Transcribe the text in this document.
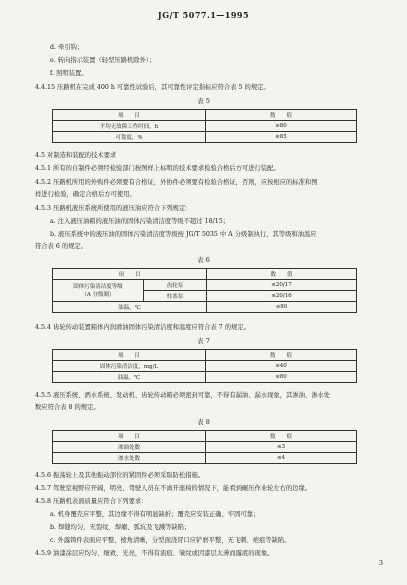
JG/T 5077.1—1995
d. 牵引钩；
e. 转向指示装置（轻型压路机除外）；
f. 照明装置。
4.4.15 压路机在完成 400 h 可靠性试验后，其可靠性评定指标应符合表 5 的规定。
表 5
项　　目	数　　值
平均无故障工作时间，h	≥80
可靠度，%	≥85
4.5 对制造和装配的技术要求
4.5.1 所有的自制件必须经检验部门按图样上标明的技术要求检验合格后方可进行装配。
4.5.2 压路机所用的外购件必须要有合格证，外协件必须要有检验合格证，否则，应按相应的标准和图
样进行检验，确定合格后方可使用。
4.5.3 压路机液压系统所使用的液压油应符合下列规定：
a. 注入液压油箱的液压油的固体污染清洁度等级不超过 18/15；
b. 液压系统中的液压油的固体污染清洁度等级按 JG/T 5035 中 A 分级制执行，其等级和油温应
符合表 6 的规定。
表 6
项　　目		数　　值

固体污染清洁度等级
（A 分级制）	齿轮泵	≤20/17
	柱塞泵	≤20/16
油温，℃		≤80
4.5.4 齿轮传动装置箱体内润滑油固体污染清洁度和温度应符合表 7 的规定。
表 7
项　　目	数　　值
固体污染清洁度，mg/L	≤40
油温，℃	≤80
4.5.5 液压系统、洒水系统、发动机、齿轮传动箱必须密封可靠，不得有漏油、漏水现象，其渗油、渗水处
数应符合表 8 的规定。
表 8
项　　目	数　　值
渗油处数	≤3
渗水处数	≤4
4.5.6 振荡轮上及其他振动部位的紧固件必须采取防松措施。
4.5.7 驾驶室视野应开阔，明亮，驾驶人员在不离开座椅的情况下，能看到碾压作业轮左右的边缘。
4.5.8 压路机表面质量应符合下列要求：
a. 机身覆壳应平整，其边缘不得有明显缺折；覆壳应安装正确、牢固可靠；
b. 焊缝均匀，无裂纹、焊瘤、弧坑及飞溅等缺陷；
c. 外露铸件表面应平整，棱角清晰，分型面浇冒口应铲磨平整，无飞刺、疤痕等缺陷。
4.5.9 油漆涂层应均匀、细致、光亮，不得有流痕、皱纹或因漆层太薄而露底的现象。
3
